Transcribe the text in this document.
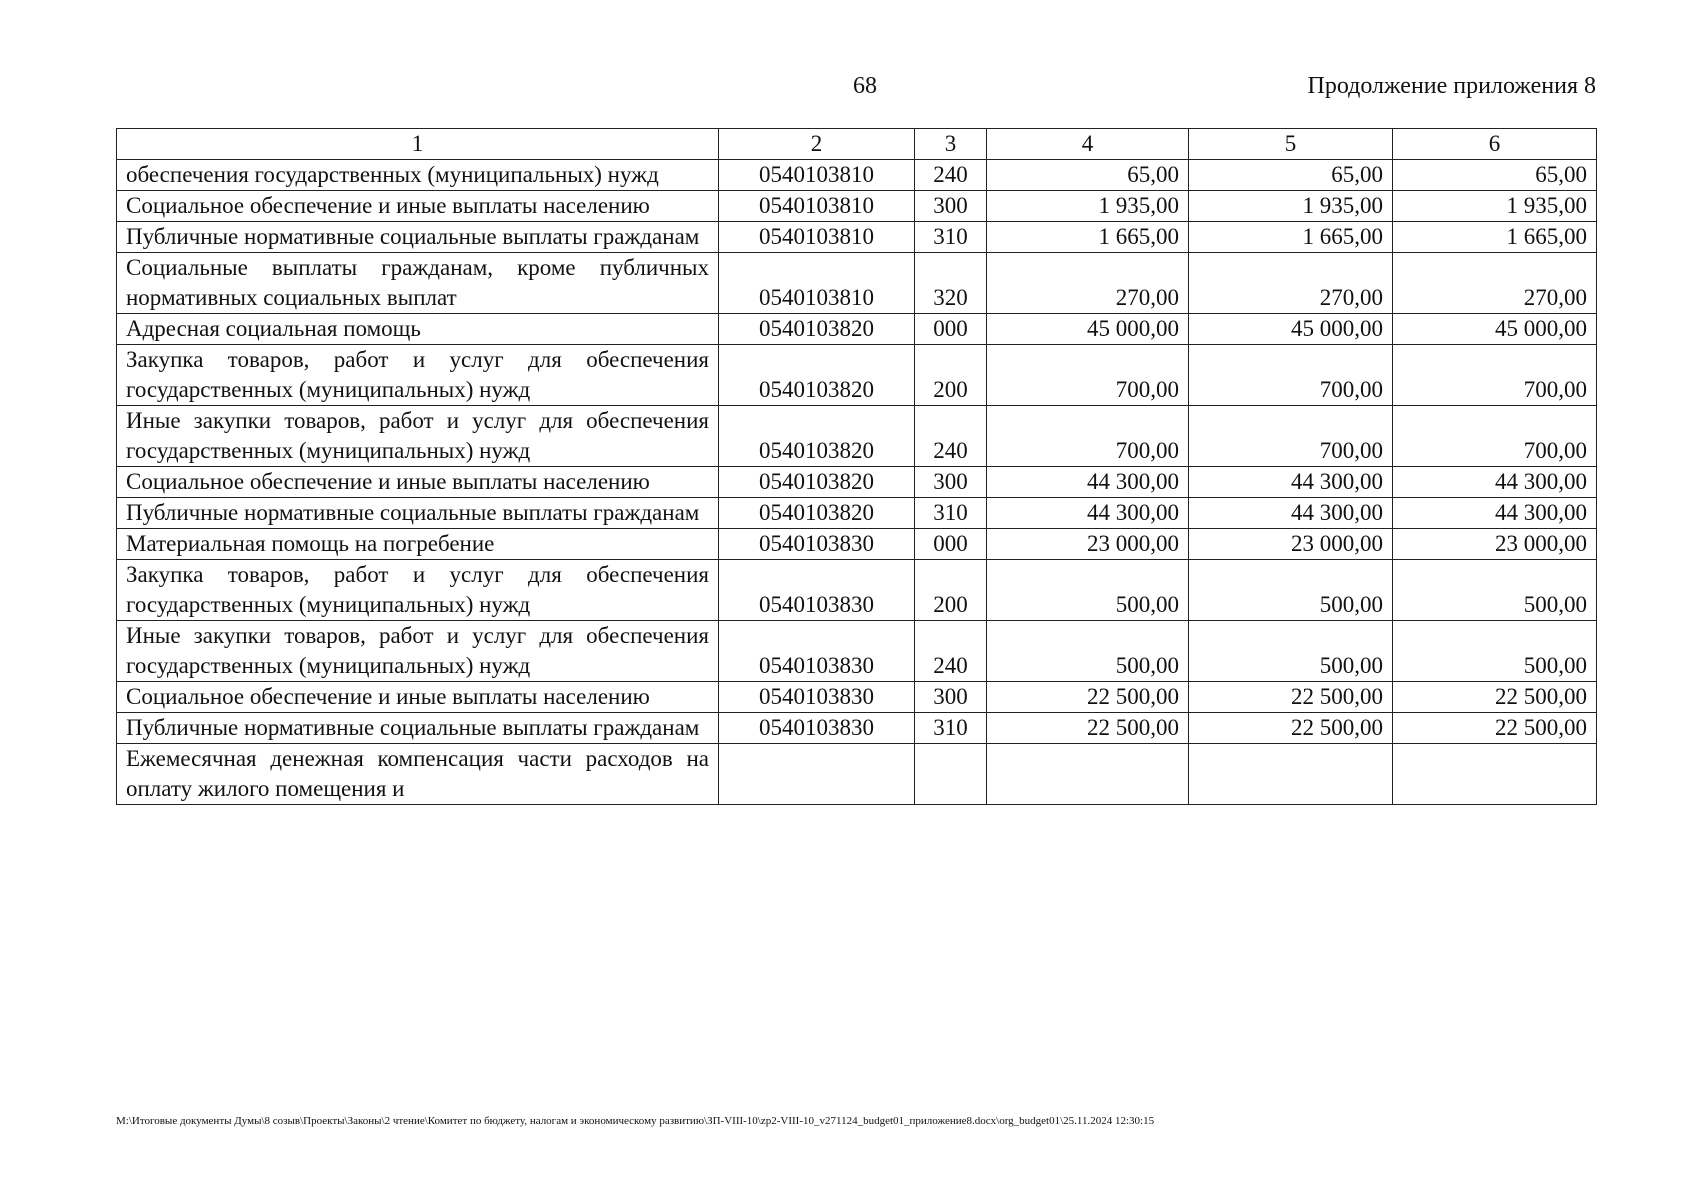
68	Продолжение приложения 8
1	2	3	4	5	6
обеспечения государственных (муниципальных) нужд	0540103810	240	65,00	65,00	65,00
Социальное обеспечение и иные выплаты населению	0540103810	300	1 935,00	1 935,00	1 935,00
Публичные нормативные социальные выплаты гражданам	0540103810	310	1 665,00	1 665,00	1 665,00
Социальные выплаты гражданам, кроме публичных нормативных социальных выплат	0540103810	320	270,00	270,00	270,00
Адресная социальная помощь	0540103820	000	45 000,00	45 000,00	45 000,00
Закупка товаров, работ и услуг для обеспечения государственных (муниципальных) нужд	0540103820	200	700,00	700,00	700,00
Иные закупки товаров, работ и услуг для обеспечения государственных (муниципальных) нужд	0540103820	240	700,00	700,00	700,00
Социальное обеспечение и иные выплаты населению	0540103820	300	44 300,00	44 300,00	44 300,00
Публичные нормативные социальные выплаты гражданам	0540103820	310	44 300,00	44 300,00	44 300,00
Материальная помощь на погребение	0540103830	000	23 000,00	23 000,00	23 000,00
Закупка товаров, работ и услуг для обеспечения государственных (муниципальных) нужд	0540103830	200	500,00	500,00	500,00
Иные закупки товаров, работ и услуг для обеспечения государственных (муниципальных) нужд	0540103830	240	500,00	500,00	500,00
Социальное обеспечение и иные выплаты населению	0540103830	300	22 500,00	22 500,00	22 500,00
Публичные нормативные социальные выплаты гражданам	0540103830	310	22 500,00	22 500,00	22 500,00
Ежемесячная денежная компенсация части расходов на оплату жилого помещения и					
M:\Итоговые документы Думы\8 созыв\Проекты\Законы\2 чтение\Комитет по бюджету, налогам и экономическому развитию\ЗП-VIII-10\zp2-VIII-10_v271124_budget01_приложение8.docx\org_budget01\25.11.2024 12:30:15
